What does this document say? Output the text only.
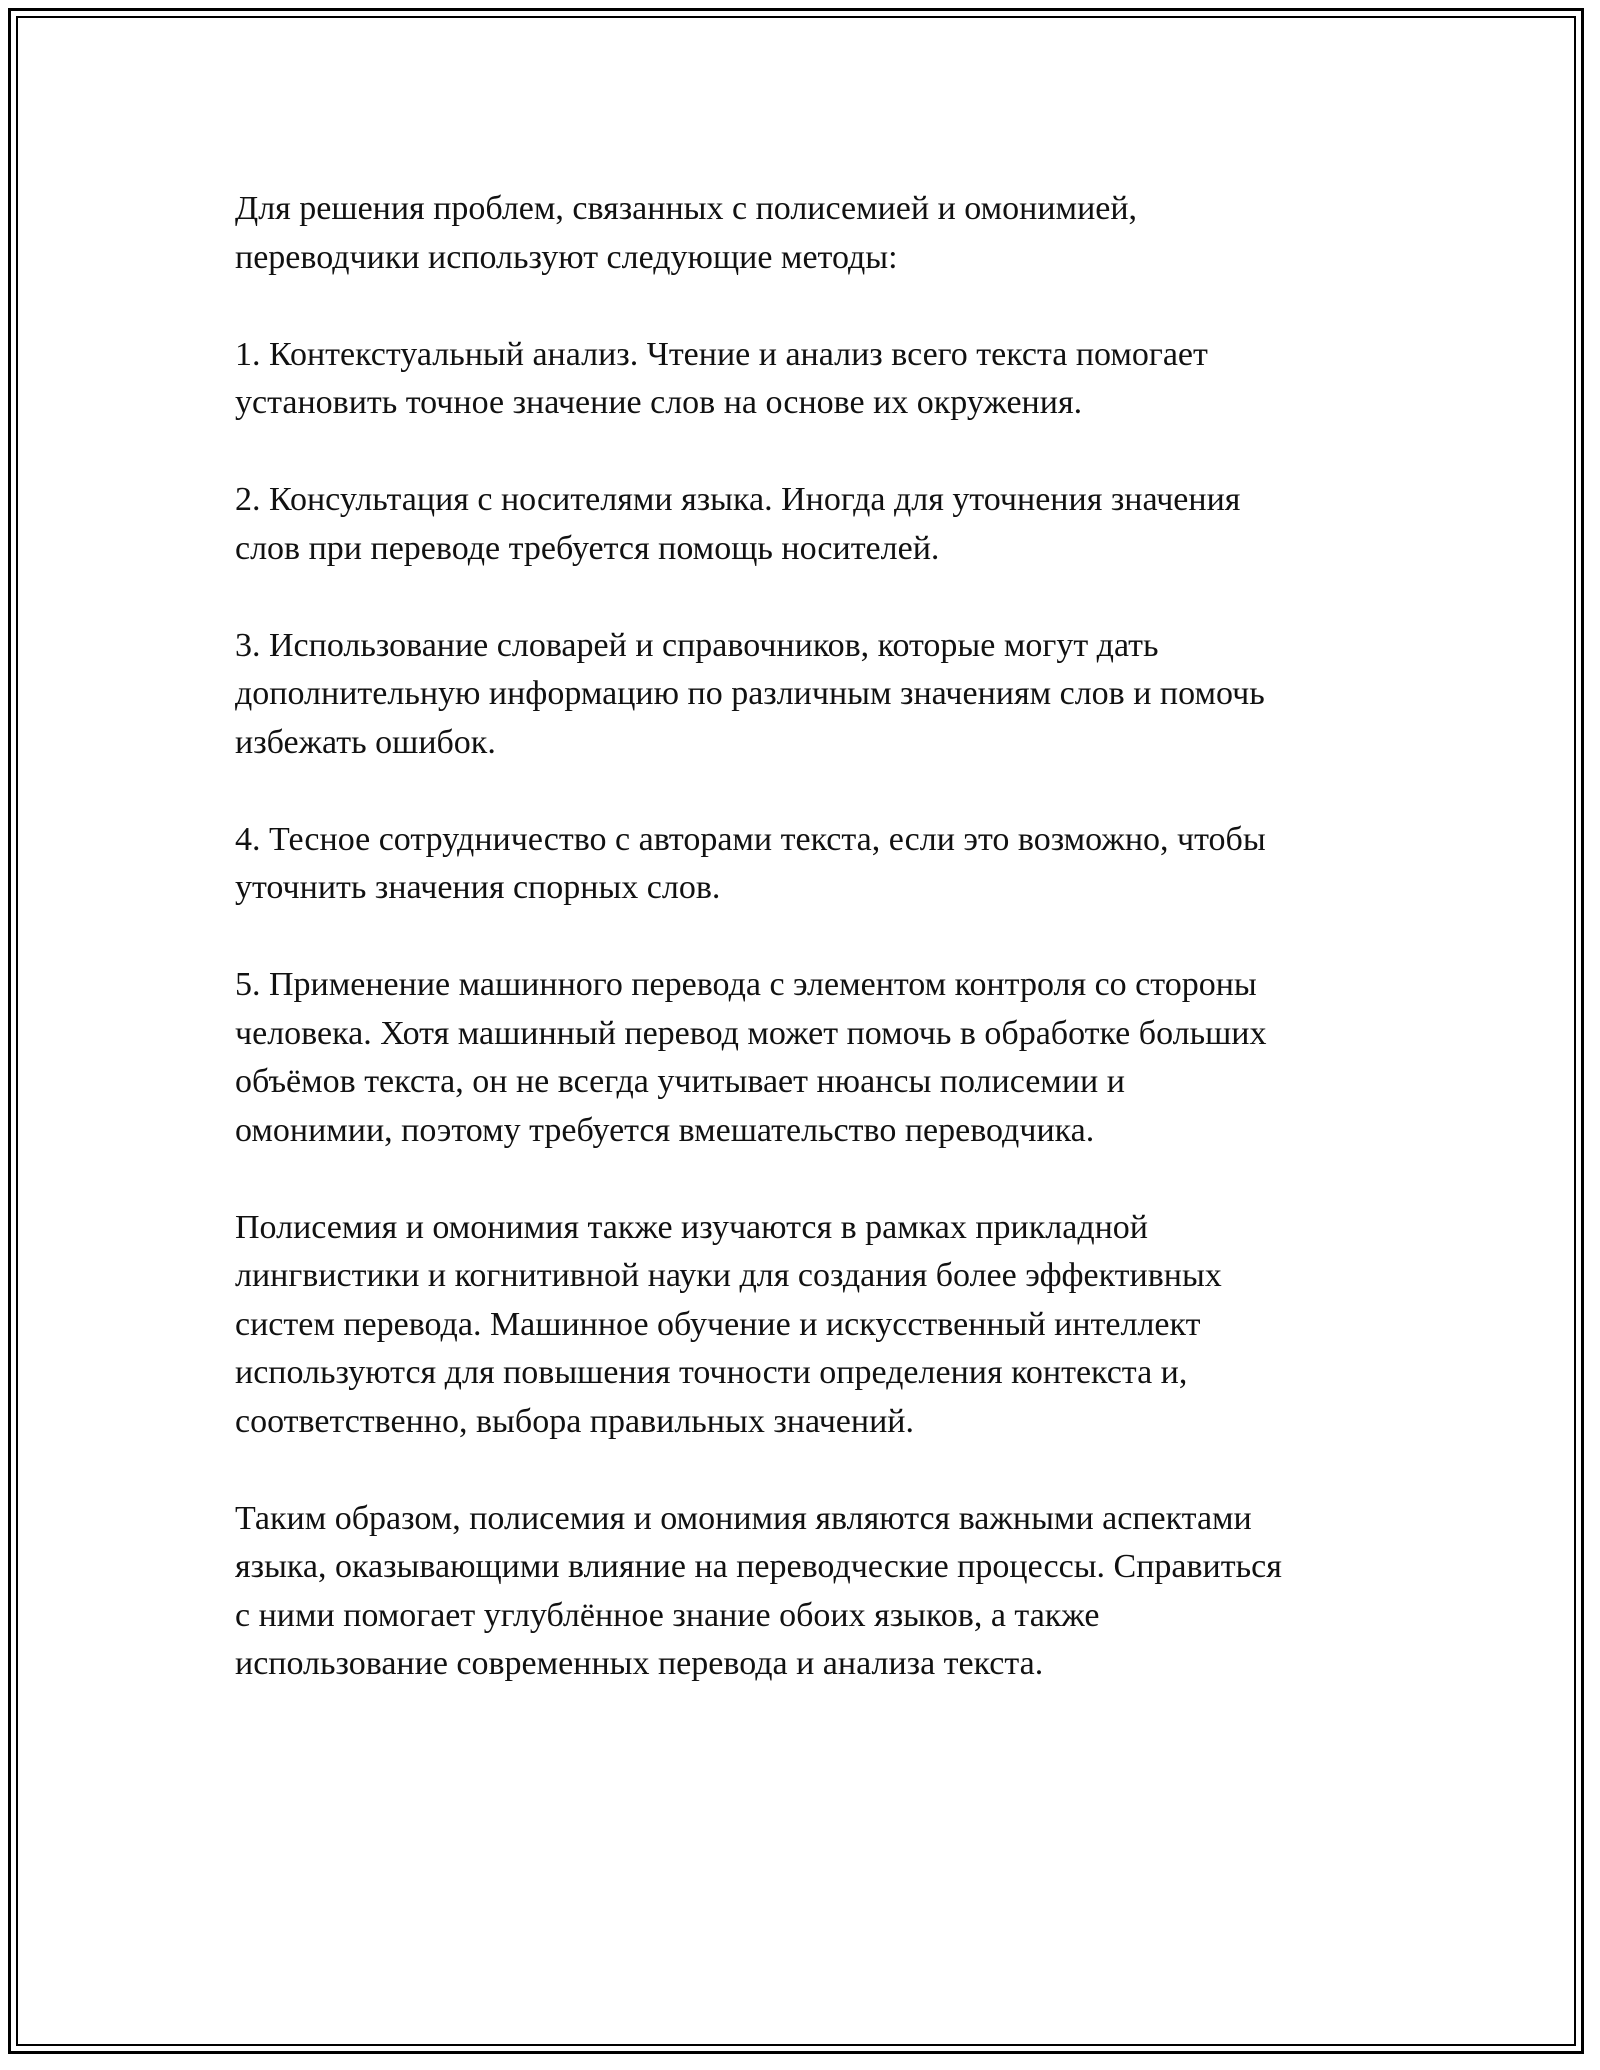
Для решения проблем, связанных с полисемией и омонимией,
переводчики используют следующие методы:

1. Контекстуальный анализ. Чтение и анализ всего текста помогает
установить точное значение слов на основе их окружения.

2. Консультация с носителями языка. Иногда для уточнения значения
слов при переводе требуется помощь носителей.

3. Использование словарей и справочников, которые могут дать
дополнительную информацию по различным значениям слов и помочь
избежать ошибок.

4. Тесное сотрудничество с авторами текста, если это возможно, чтобы
уточнить значения спорных слов.

5. Применение машинного перевода с элементом контроля со стороны
человека. Хотя машинный перевод может помочь в обработке больших
объёмов текста, он не всегда учитывает нюансы полисемии и
омонимии, поэтому требуется вмешательство переводчика.

Полисемия и омонимия также изучаются в рамках прикладной
лингвистики и когнитивной науки для создания более эффективных
систем перевода. Машинное обучение и искусственный интеллект
используются для повышения точности определения контекста и,
соответственно, выбора правильных значений.

Таким образом, полисемия и омонимия являются важными аспектами
языка, оказывающими влияние на переводческие процессы. Справиться
с ними помогает углублённое знание обоих языков, а также
использование современных перевода и анализа текста.
